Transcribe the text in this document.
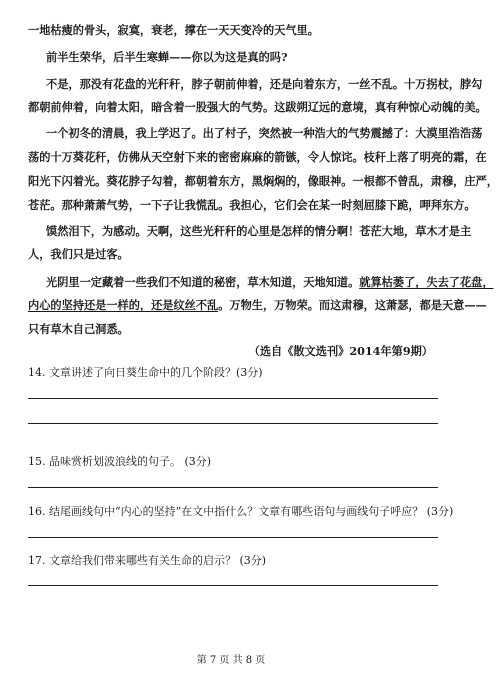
一地枯瘦的骨头，寂寞，衰老，撑在一天天变冷的天气里。
前半生荣华，后半生寒蝉——你以为这是真的吗?
不是，那没有花盘的光秆秆，脖子朝前伸着，还是向着东方，一丝不乱。十万拐杖，脖勾
都朝前伸着，向着太阳，暗含着一股强大的气势。这跋朔辽远的意境，真有种惊心动魄的美。
一个初冬的清晨，我上学迟了。出了村子，突然被一种浩大的气势震撼了：大漠里浩浩荡
荡的十万葵花秆，仿佛从天空射下来的密密麻麻的箭镞，令人惊诧。枝秆上落了明亮的霜，在
阳光下闪着光。葵花脖子勾着，都朝着东方，黑焖焖的，像眼神。一根都不曾乱，肃穆，庄严，
苍茫。那种萧萧气势，一下子让我慌乱。我担心，它们会在某一时刻屈膝下跪，呷拜东方。
馍然泪下，为感动。天啊，这些光秆秆的心里是怎样的情分啊！苍茫大地，草木才是主
人，我们只是过客。
光阴里一定藏着一些我们不知道的秘密，草木知道，天地知道。就算枯萎了，失去了花盘，
内心的坚持还是一样的，还是纹丝不乱。万物生，万物荣。而这肃穆，这萧瑟，都是天意——
只有草木自己洞悉。
（选自《散文选刊》2014年第9期）
14. 文章讲述了向日葵生命中的几个阶段？(3分)
15. 品味赏析划波浪线的句子。 (3分)
16. 结尾画线句中“内心的坚持”在文中指什么？文章有哪些语句与画线句子呼应？ (3分)
17. 文章给我们带来哪些有关生命的启示？ (3分)
第 7 页 共 8 页
